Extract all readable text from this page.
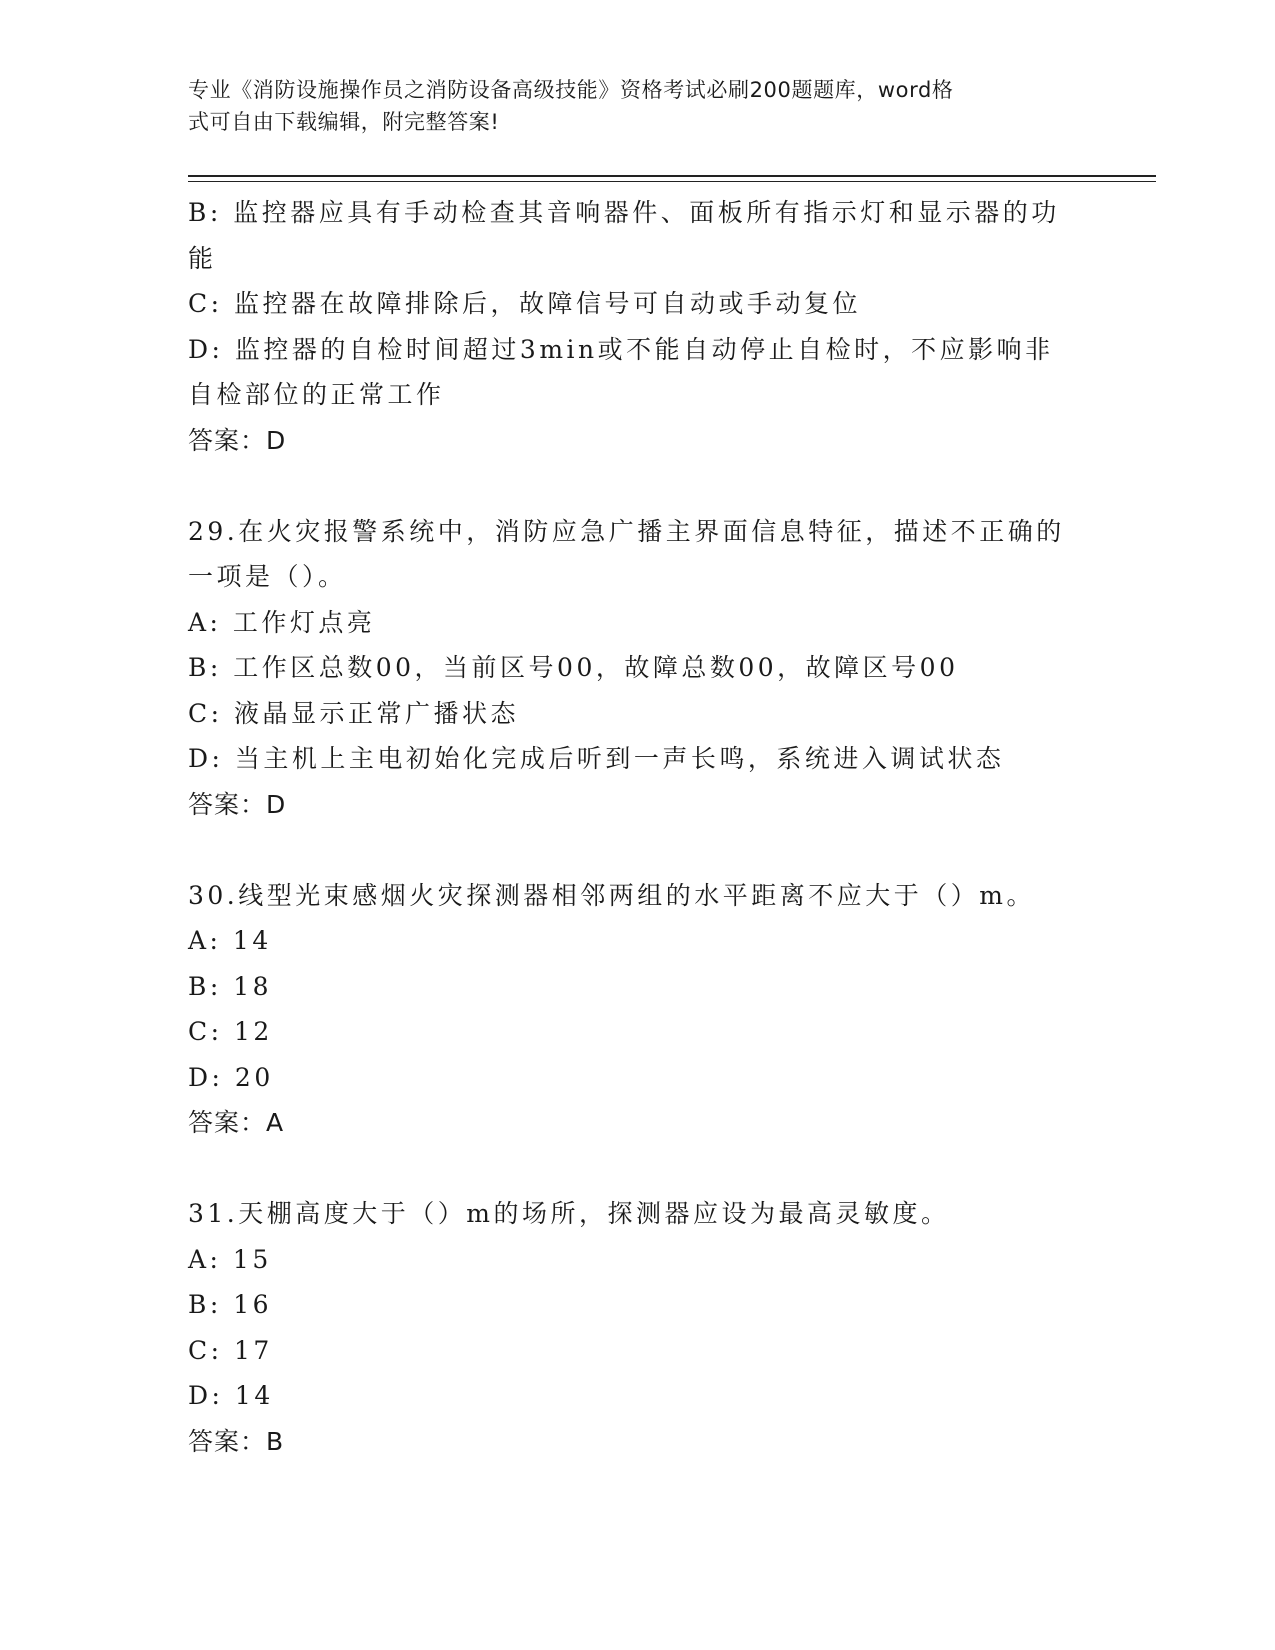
专业《消防设施操作员之消防设备高级技能》资格考试必刷200题题库，word格
式可自由下载编辑，附完整答案!
B: 监控器应具有手动检查其音响器件、面板所有指示灯和显示器的功
能
C: 监控器在故障排除后，故障信号可自动或手动复位
D: 监控器的自检时间超过3min或不能自动停止自检时，不应影响非
自检部位的正常工作
答案：D
29.在火灾报警系统中，消防应急广播主界面信息特征，描述不正确的
一项是（）。
A: 工作灯点亮
B: 工作区总数00，当前区号00，故障总数00，故障区号00
C: 液晶显示正常广播状态
D: 当主机上主电初始化完成后听到一声长鸣，系统进入调试状态
答案：D
30.线型光束感烟火灾探测器相邻两组的水平距离不应大于（）m。
A: 14
B: 18
C: 12
D: 20
答案：A
31.天棚高度大于（）m的场所，探测器应设为最高灵敏度。
A: 15
B: 16
C: 17
D: 14
答案：B
